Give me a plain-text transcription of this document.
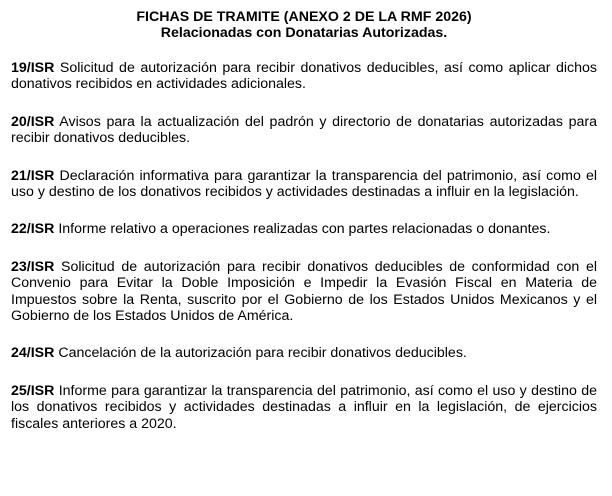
FICHAS DE TRAMITE (ANEXO 2 DE LA RMF 2026)
Relacionadas con Donatarias Autorizadas.

19/ISR Solicitud de autorización para recibir donativos deducibles, así como aplicar dichos donativos recibidos en actividades adicionales.

20/ISR Avisos para la actualización del padrón y directorio de donatarias autorizadas para recibir donativos deducibles.

21/ISR Declaración informativa para garantizar la transparencia del patrimonio, así como el uso y destino de los donativos recibidos y actividades destinadas a influir en la legislación.

22/ISR Informe relativo a operaciones realizadas con partes relacionadas o donantes.

23/ISR Solicitud de autorización para recibir donativos deducibles de conformidad con el Convenio para Evitar la Doble Imposición e Impedir la Evasión Fiscal en Materia de Impuestos sobre la Renta, suscrito por el Gobierno de los Estados Unidos Mexicanos y el Gobierno de los Estados Unidos de América.

24/ISR Cancelación de la autorización para recibir donativos deducibles.

25/ISR Informe para garantizar la transparencia del patrimonio, así como el uso y destino de los donativos recibidos y actividades destinadas a influir en la legislación, de ejercicios fiscales anteriores a 2020.
